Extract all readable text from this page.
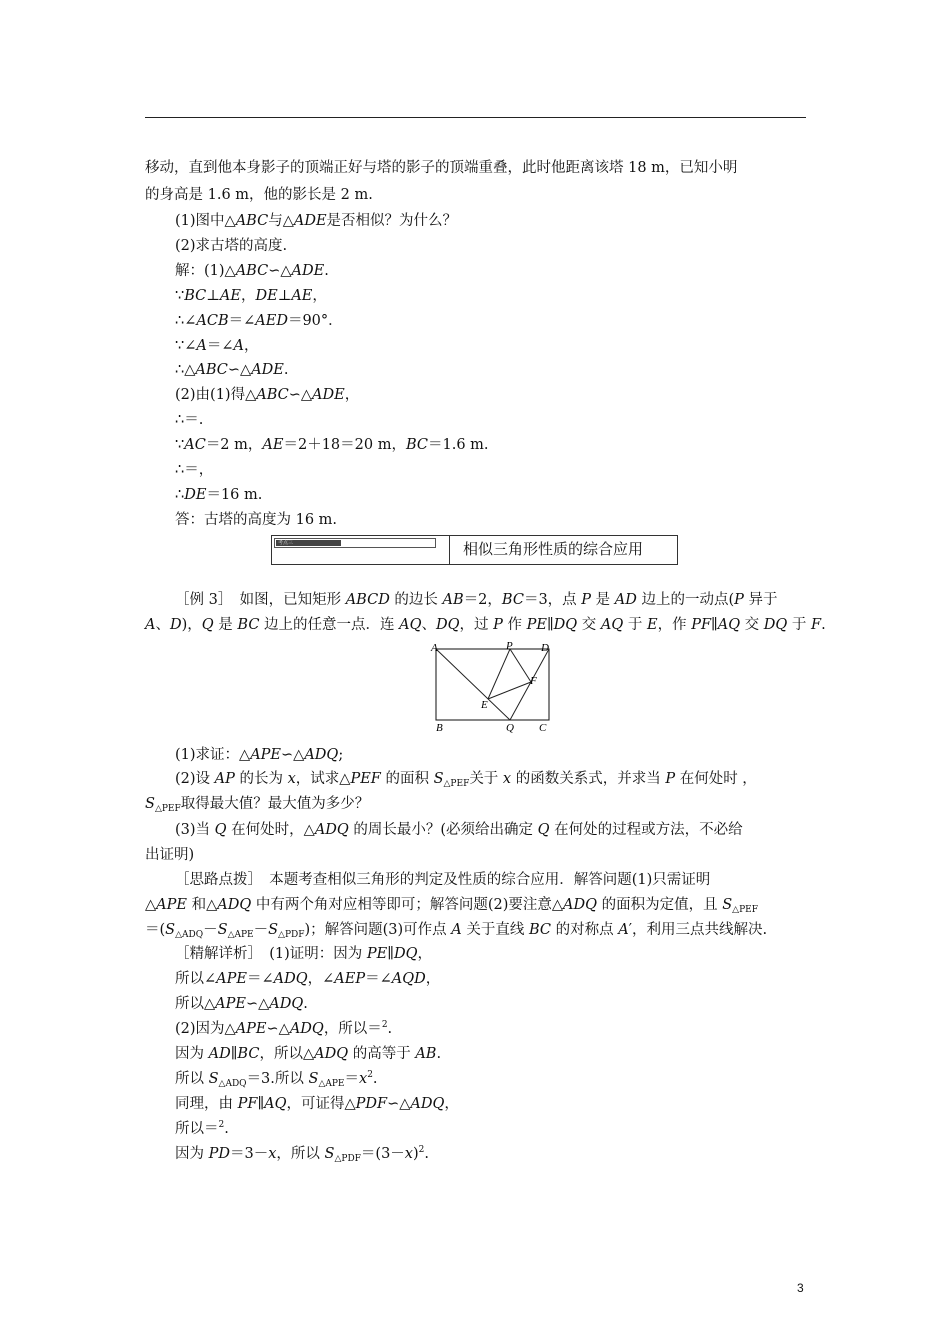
移动，直到他本身影子的顶端正好与塔的影子的顶端重叠，此时他距离该塔 18 m，已知小明
的身高是 1.6 m，他的影长是 2 m.
(1)图中△ABC与△ADE是否相似？为什么？
(2)求古塔的高度.
解：(1)△ABC∽△ADE.
∵BC⊥AE，DE⊥AE，
∴∠ACB＝∠AED＝90°．
∵∠A＝∠A，
∴△ABC∽△ADE.
(2)由(1)得△ABC∽△ADE，
∴＝.
∵AC＝2 m，AE＝2＋18＝20 m，BC＝1.6 m.
∴＝，
∴DE＝16 m.
答：古塔的高度为 16 m.
考点三	相似三角形性质的综合应用
［例 3］　如图，已知矩形 ABCD 的边长 AB＝2，BC＝3，点 P 是 AD 边上的一动点(P 异于
A、D)，Q 是 BC 边上的任意一点．连 AQ、DQ，过 P 作 PE∥DQ 交 AQ 于 E，作 PF∥AQ 交 DQ 于 F.
A	P	D
F
E
B	Q C
(1)求证：△APE∽△ADQ;
(2)设 AP 的长为 x，试求△PEF 的面积 $S_{\triangle PEF}$关于 x 的函数关系式，并求当 P 在何处时 ，
$S_{\triangle PEF}$取得最大值？最大值为多少？
(3)当 Q 在何处时，△ADQ 的周长最小？(必须给出确定 Q 在何处的过程或方法，不必给
出证明)
［思路点拨］　本题考查相似三角形的判定及性质的综合应用．解答问题(1)只需证明
△APE 和△ADQ 中有两个角对应相等即可；解答问题(2)要注意△ADQ 的面积为定值，且 $S_{\triangle PEF}$
$=(S_{\triangle ADQ}-S_{\triangle APE}-S_{\triangle PDF})$；解答问题(3)可作点 A 关于直线 BC 的对称点 A′，利用三点共线解决.
［精解详析］　(1)证明：因为 PE∥DQ，
所以∠APE＝∠ADQ，∠AEP＝∠AQD，
所以△APE∽△ADQ.
(2)因为△APE∽△ADQ，所以＝$^2$.
因为 AD∥BC，所以△ADQ 的高等于 AB.
所以 $S_{\triangle ADQ}=3$.所以 $S_{\triangle APE}=x^2$.
同理，由 PF∥AQ，可证得△PDF∽△ADQ，
所以＝$^2$.
因为 PD＝3－x，所以 $S_{\triangle PDF}=(3-x)^2$.
3
